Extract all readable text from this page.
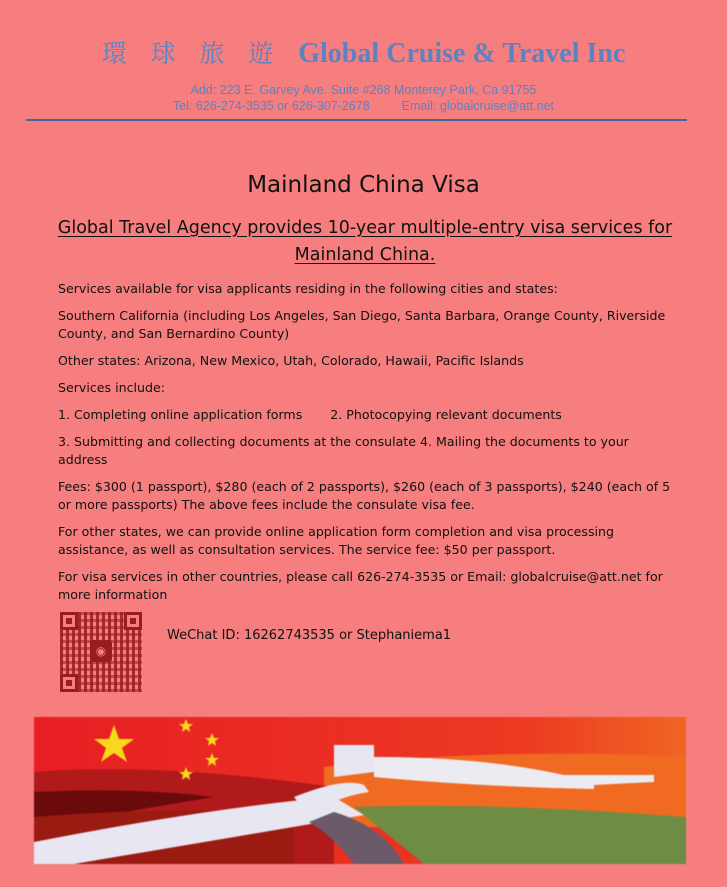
環 球 旅 遊 Global Cruise & Travel Inc
Add: 223 E. Garvey Ave. Suite #268 Monterey Park, Ca 91755
Tel: 626-274-3535 or 626-307-2678	Email: globalcruise@att.net
Mainland China Visa
Global Travel Agency provides 10-year multiple-entry visa services for Mainland China.

Services available for visa applicants residing in the following cities and states:

Southern California (including Los Angeles, San Diego, Santa Barbara, Orange County, Riverside County, and San Bernardino County)

Other states: Arizona, New Mexico, Utah, Colorado, Hawaii, Pacific Islands

Services include:

1. Completing online application forms 2. Photocopying relevant documents

3. Submitting and collecting documents at the consulate 4. Mailing the documents to your address

Fees: $300 (1 passport), $280 (each of 2 passports), $260 (each of 3 passports), $240 (each of 5 or more passports) The above fees include the consulate visa fee.

For other states, we can provide online application form completion and visa processing assistance, as well as consultation services. The service fee: $50 per passport.

For visa services in other countries, please call 626-274-3535 or Email: globalcruise@att.net for more information

◉
WeChat ID: 16262743535 or Stephaniema1
